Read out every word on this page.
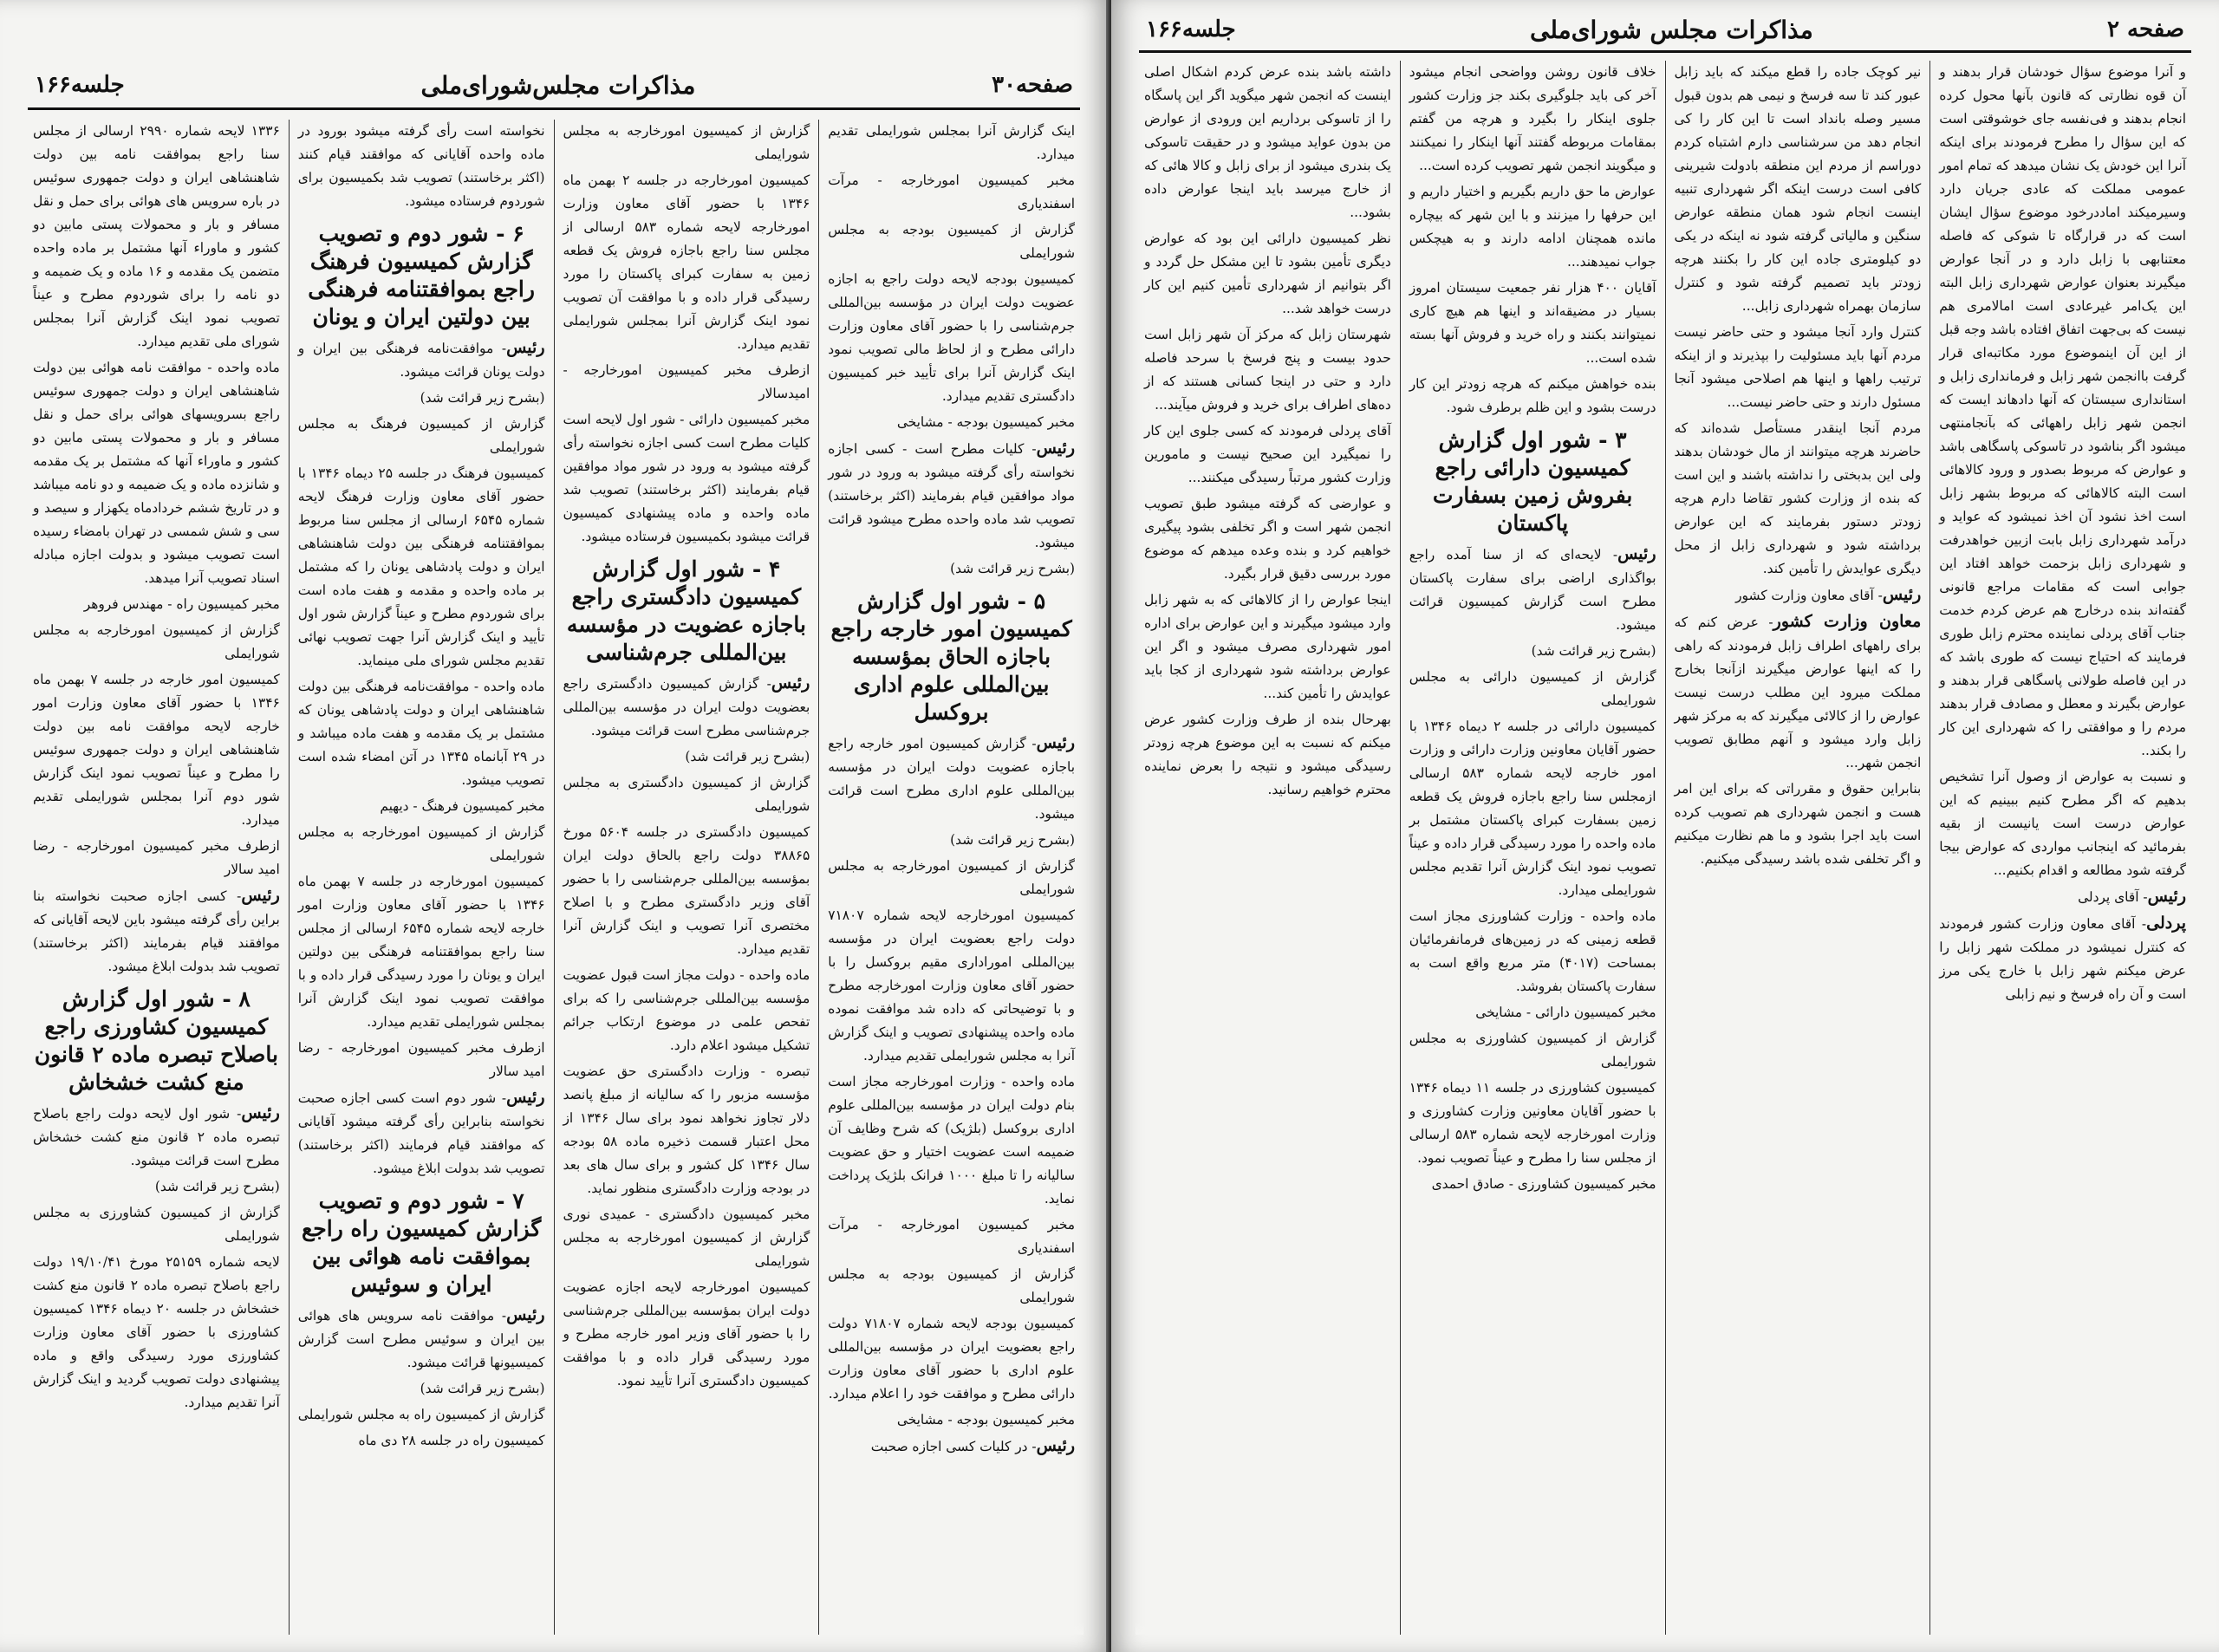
صفحه۳۰
مذاکرات مجلس‌شورای‌ملی
جلسه۱۶۶

اینک گزارش آنرا بمجلس شورایملی تقدیم میدارد.

مخبر کمیسیون امورخارجه - مرآت اسفندیاری

گزارش از کمیسیون بودجه به مجلس شورایملی

کمیسیون بودجه لایحه دولت راجع به اجازه عضویت دولت ایران در مؤسسه بین‌المللی جرم‌شناسی را با حضور آقای معاون وزارت دارائی مطرح و از لحاظ مالی تصویب نمود اینک گزارش آنرا برای تأیید خبر کمیسیون دادگستری تقدیم میدارد.

مخبر کمیسیون بودجه - مشایخی

رئیس- کلیات مطرح است - کسی اجازه نخواسته رأی گرفته میشود به ورود در شور مواد موافقین قیام بفرمایند (اکثر برخاستند) تصویب شد ماده واحده مطرح میشود قرائت میشود.

(بشرح زیر قرائت شد)

۵ - شور اول گزارش کمیسیون امور خارجه راجع باجازه الحاق بمؤسسه بین‌المللی علوم اداری بروکسل

رئیس- گزارش کمیسیون امور خارجه راجع باجازه عضویت دولت ایران در مؤسسه بین‌المللی علوم اداری مطرح است قرائت میشود.

(بشرح زیر قرائت شد)

گزارش از کمیسیون امورخارجه به مجلس شورایملی

کمیسیون امورخارجه لایحه شماره ۷۱۸۰۷ دولت راجع بعضویت ایران در مؤسسه بین‌المللی اموراداری مقیم بروکسل را با حضور آقای معاون وزارت امورخارجه مطرح و با توضیحاتی که داده شد موافقت نموده ماده واحده پیشنهادی تصویب و اینک گزارش آنرا به مجلس شورایملی تقدیم میدارد.

ماده واحده - وزارت امورخارجه مجاز است بنام دولت ایران در مؤسسه بین‌المللی علوم اداری بروکسل (بلژیک) که شرح وظایف آن ضمیمه است عضویت اختیار و حق عضویت سالیانه را تا مبلغ ۱۰۰۰ فرانک بلژیک پرداخت نماید.

مخبر کمیسیون امورخارجه - مرآت اسفندیاری

گزارش از کمیسیون بودجه به مجلس شورایملی

کمیسیون بودجه لایحه شماره ۷۱۸۰۷ دولت راجع بعضویت ایران در مؤسسه بین‌المللی علوم اداری با حضور آقای معاون وزارت دارائی مطرح و موافقت خود را اعلام میدارد.

مخبر کمیسیون بودجه - مشایخی

رئیس- در کلیات کسی اجازه صحبت

گزارش از کمیسیون امورخارجه به مجلس شورایملی

کمیسیون امورخارجه در جلسه ۲ بهمن ماه ۱۳۴۶ با حضور آقای معاون وزارت امورخارجه لایحه شماره ۵۸۳ ارسالی از مجلس سنا راجع باجازه فروش یک قطعه زمین به سفارت کبرای پاکستان را مورد رسیدگی قرار داده و با موافقت آن تصویب نمود اینک گزارش آنرا بمجلس شورایملی تقدیم میدارد.

ازطرف مخبر کمیسیون امورخارجه - امیدسالار

مخبر کمیسیون دارائی - شور اول لایحه است کلیات مطرح است کسی اجازه نخواسته رأی گرفته میشود به ورود در شور مواد موافقین قیام بفرمایند (اکثر برخاستند) تصویب شد ماده واحده و ماده پیشنهادی کمیسیون قرائت میشود بکمیسیون فرستاده میشود.

۴ - شور اول گزارش کمیسیون دادگستری راجع باجازه عضویت در مؤسسه بین‌المللی جرم‌شناسی

رئیس- گزارش کمیسیون دادگستری راجع بعضویت دولت ایران در مؤسسه بین‌المللی جرم‌شناسی مطرح است قرائت میشود.

(بشرح زیر قرائت شد)

گزارش از کمیسیون دادگستری به مجلس شورایملی

کمیسیون دادگستری در جلسه ۵۶۰۴ مورخ ۳۸۸۶۵ دولت راجع بالحاق دولت ایران بمؤسسه بین‌المللی جرم‌شناسی را با حضور آقای وزیر دادگستری مطرح و با اصلاح مختصری آنرا تصویب و اینک گزارش آنرا تقدیم میدارد.

ماده واحده - دولت مجاز است قبول عضویت مؤسسه بین‌المللی جرم‌شناسی را که برای تفحص علمی در موضوع ارتکاب جرائم تشکیل میشود اعلام دارد.

تبصره - وزارت دادگستری حق عضویت مؤسسه مزبور را که سالیانه از مبلغ پانصد دلار تجاوز نخواهد نمود برای سال ۱۳۴۶ از محل اعتبار قسمت ذخیره ماده ۵۸ بودجه سال ۱۳۴۶ کل کشور و برای سال های بعد در بودجه وزارت دادگستری منظور نماید.

مخبر کمیسیون دادگستری - عمیدی نوری گزارش از کمیسیون امورخارجه به مجلس شورایملی

کمیسیون امورخارجه لایحه اجازه عضویت دولت ایران بمؤسسه بین‌المللی جرم‌شناسی را با حضور آقای وزیر امور خارجه مطرح و مورد رسیدگی قرار داده و با موافقت کمیسیون دادگستری آنرا تأیید نمود.

نخواسته است رأی گرفته میشود بورود در ماده واحده آقایانی که موافقند قیام کنند (اکثر برخاستند) تصویب شد بکمیسیون برای شوردوم فرستاده میشود.

۶ - شور دوم و تصویب گزارش کمیسیون فرهنگ راجع بموافقتنامه فرهنگی بین دولتین ایران و یونان

رئیس- موافقت‌نامه فرهنگی بین ایران و دولت یونان قرائت میشود.

(بشرح زیر قرائت شد)

گزارش از کمیسیون فرهنگ به مجلس شورایملی

کمیسیون فرهنگ در جلسه ۲۵ دیماه ۱۳۴۶ با حضور آقای معاون وزارت فرهنگ لایحه شماره ۶۵۴۵ ارسالی از مجلس سنا مربوط بموافقتنامه فرهنگی بین دولت شاهنشاهی ایران و دولت پادشاهی یونان را که مشتمل بر ماده واحده و مقدمه و هفت ماده است برای شوردوم مطرح و عیناً گزارش شور اول تأیید و اینک گزارش آنرا جهت تصویب نهائی تقدیم مجلس شورای ملی مینماید.

ماده واحده - موافقت‌نامه فرهنگی بین دولت شاهنشاهی ایران و دولت پادشاهی یونان که مشتمل بر یک مقدمه و هفت ماده میباشد و در ۲۹ آبانماه ۱۳۴۵ در آتن امضاء شده است تصویب میشود.

مخبر کمیسیون فرهنگ - دیهیم

گزارش از کمیسیون امورخارجه به مجلس شورایملی

کمیسیون امورخارجه در جلسه ۷ بهمن ماه ۱۳۴۶ با حضور آقای معاون وزارت امور خارجه لایحه شماره ۶۵۴۵ ارسالی از مجلس سنا راجع بموافقتنامه فرهنگی بین دولتین ایران و یونان را مورد رسیدگی قرار داده و با موافقت تصویب نمود اینک گزارش آنرا بمجلس شورایملی تقدیم میدارد.

ازطرف مخبر کمیسیون امورخارجه - رضا امید سالار

رئیس- شور دوم است کسی اجازه صحبت نخواسته بنابراین رأی گرفته میشود آقایانی که موافقند قیام فرمایند (اکثر برخاستند) تصویب شد بدولت ابلاغ میشود.

۷ - شور دوم و تصویب گزارش کمیسیون راه راجع بموافقت نامه هوائی بین ایران و سوئیس

رئیس- موافقت نامه سرویس های هوائی بین ایران و سوئیس مطرح است گزارش کمیسیونها قرائت میشود.

(بشرح زیر قرائت شد)

گزارش از کمیسیون راه به مجلس شورایملی

کمیسیون راه در جلسه ۲۸ دی ماه

۱۳۳۶ لایحه شماره ۲۹۹۰ ارسالی از مجلس سنا راجع بموافقت نامه بین دولت شاهنشاهی ایران و دولت جمهوری سوئیس در باره سرویس های هوائی برای حمل و نقل مسافر و بار و محمولات پستی مابین دو کشور و ماوراء آنها مشتمل بر ماده واحده متضمن یک مقدمه و ۱۶ ماده و یک ضمیمه و دو نامه را برای شوردوم مطرح و عیناً تصویب نمود اینک گزارش آنرا بمجلس شورای ملی تقدیم میدارد.

ماده واحده - موافقت نامه هوائی بین دولت شاهنشاهی ایران و دولت جمهوری سوئیس راجع بسرویسهای هوائی برای حمل و نقل مسافر و بار و محمولات پستی مابین دو کشور و ماوراء آنها که مشتمل بر یک مقدمه و شانزده ماده و یک ضمیمه و دو نامه میباشد و در تاریخ ششم خردادماه یکهزار و سیصد و سی و شش شمسی در تهران بامضاء رسیده است تصویب میشود و بدولت اجازه مبادله اسناد تصویب آنرا میدهد.

مخبر کمیسیون راه - مهندس فروهر

گزارش از کمیسیون امورخارجه به مجلس شورایملی

کمیسیون امور خارجه در جلسه ۷ بهمن ماه ۱۳۴۶ با حضور آقای معاون وزارت امور خارجه لایحه موافقت نامه بین دولت شاهنشاهی ایران و دولت جمهوری سوئیس را مطرح و عیناً تصویب نمود اینک گزارش شور دوم آنرا بمجلس شورایملی تقدیم میدارد.

ازطرف مخبر کمیسیون امورخارجه - رضا امید سالار

رئیس- کسی اجازه صحبت نخواسته بنا براین رأی گرفته میشود باین لایحه آقایانی که موافقند قیام بفرمایند (اکثر برخاستند) تصویب شد بدولت ابلاغ میشود.

۸ - شور اول گزارش کمیسیون کشاورزی راجع باصلاح تبصره ماده ۲ قانون منع کشت خشخاش

رئیس- شور اول لایحه دولت راجع باصلاح تبصره ماده ۲ قانون منع کشت خشخاش مطرح است قرائت میشود.

(بشرح زیر قرائت شد)

گزارش از کمیسیون کشاورزی به مجلس شورایملی

لایحه شماره ۲۵۱۵۹ مورخ ۱۹/۱۰/۴۱ دولت راجع باصلاح تبصره ماده ۲ قانون منع کشت خشخاش در جلسه ۲۰ دیماه ۱۳۴۶ کمیسیون کشاورزی با حضور آقای معاون وزارت کشاورزی مورد رسیدگی واقع و ماده پیشنهادی دولت تصویب گردید و اینک گزارش آنرا تقدیم میدارد.

صفحه ۲
مذاکرات مجلس شورای‌ملی
جلسه۱۶۶

و آنرا موضوع سؤال خودشان قرار بدهند و آن قوه نظارتی که قانون بآنها محول کرده انجام بدهند و فی‌نفسه جای خوشوقتی است که این سؤال را مطرح فرمودند برای اینکه آنرا این خودش یک نشان میدهد که تمام امور عمومی مملکت که عادی جریان دارد وسیرمیکند اماددرخود موضوع سؤال ایشان است که در قرارگاه تا شوکی که فاصله معتنابهی با زابل دارد و در آنجا عوارض میگیرند بعنوان عوارض شهرداری زابل البته این یک‌امر غیرعادی است امالامری هم نیست که بی‌جهت اتفاق افتاده باشد وجه قبل از این آن اینموضوع مورد مکاتبه‌ای قرار گرفت باانجمن شهر زابل و فرمانداری زابل و استانداری سیستان که آنها دادهاند ایست که انجمن شهر زابل راههائی که بآنجامنتهی میشود اگر بناشود در تاسوکی پاسگاهی باشد و عوارض که مربوط بصدور و ورود کالاهائی است البته کالاهائی که مربوط بشهر زابل است اخذ نشود آن اخذ نمیشود که عواید و درآمد شهرداری زابل بابت ازبین خواهدرفت و شهرداری زابل بزحمت خواهد افتاد این جوابی است که مقامات مراجع قانونی گفته‌اند بنده درخارج هم عرض کردم خدمت جناب آقای پردلی نماینده محترم زابل طوری فرمایند که احتیاج نیست که طوری باشد که در این فاصله طولانی پاسگاهی قرار بدهند و عوارض بگیرند و معطل و مصادف قرار بدهند مردم را و موافقتی را که شهرداری این کار را بکند..

و نسبت به عوارض از وصول آنرا تشخیص بدهیم که اگر مطرح کنیم ببینیم که این عوارض درست است یانیست از بقیه بفرمائید که اینجانب مواردی که عوارض بیجا گرفته شود مطالعه و اقدام بکنیم...

رئیس- آقای پردلی

پردلی- آقای معاون وزارت کشور فرمودند که کنترل نمیشود در مملکت شهر زابل را عرض میکنم شهر زابل با خارج یکی مرز است و آن راه فرسخ و نیم زابلی

نیر کوچک جاده را قطع میکند که باید زابل عبور کند تا سه فرسخ و نیمی هم بدون قبول مسیر وصله بانداد است تا این کار را کی انجام دهد من سرشناسی دارم اشتباه کردم دوراسم از مردم این منطقه بادولت شیرینی کافی است درست اینکه اگر شهرداری تنبیه اینست انجام شود همان منطقه عوارض سنگین و مالیاتی گرفته شود نه اینکه در یکی دو کیلومتری جاده این کار را بکنند هرچه زودتر باید تصمیم گرفته شود و کنترل سازمان بهمراه شهرداری زابل...

کنترل وارد آنجا میشود و حتی حاضر نیست مردم آنها باید مسئولیت را بپذیرند و از اینکه ترتیب راهها و اینها هم اصلاحی میشود آنجا مسئول دارند و حتی حاضر نیست...

مردم آنجا اینقدر مستأصل شده‌اند که حاضرند هرچه میتوانند از مال خودشان بدهند ولی این بدبختی را نداشته باشند و این است که بنده از وزارت کشور تقاضا دارم هرچه زودتر دستور بفرمایند که این عوارض برداشته شود و شهرداری زابل از محل دیگری عوایدش را تأمین کند.

رئیس- آقای معاون وزارت کشور

معاون وزارت کشور- عرض کنم که برای راههای اطراف زابل فرمودند که راهی را که اینها عوارض میگیرند ازآنجا بخارج مملکت میرود این مطلب درست نیست عوارض را از کالائی میگیرند که به مرکز شهر زابل وارد میشود و آنهم مطابق تصویب انجمن شهر...

بنابراین حقوق و مقرراتی که برای این امر هست و انجمن شهرداری هم تصویب کرده است باید اجرا بشود و ما هم نظارت میکنیم و اگر تخلفی شده باشد رسیدگی میکنیم.

خلاف قانون روشن وواضحی انجام میشود آخر کی باید جلوگیری بکند جز وزارت کشور جلوی اینکار را بگیرد و هرچه من گفتم بمقامات مربوطه گفتند آنها اینکار را نمیکنند و میگویند انجمن شهر تصویب کرده است...

عوارض ما حق داریم بگیریم و اختیار داریم و این حرفها را میزنند و با این شهر که بیچاره مانده همچنان ادامه دارند و به هیچکس جواب نمیدهند...

آقایان ۴۰۰ هزار نفر جمعیت سیستان امروز بسیار در مضیقه‌اند و اینها هم هیچ کاری نمیتوانند بکنند و راه خرید و فروش آنها بسته شده است...

بنده خواهش میکنم که هرچه زودتر این کار درست بشود و این ظلم برطرف شود.

۳ - شور اول گزارش کمیسیون دارائی راجع بفروش زمین بسفارت پاکستان

رئیس- لایحه‌ای که از سنا آمده راجع بواگذاری اراضی برای سفارت پاکستان مطرح است گزارش کمیسیون قرائت میشود.

(بشرح زیر قرائت شد)

گزارش از کمیسیون دارائی به مجلس شورایملی

کمیسیون دارائی در جلسه ۲ دیماه ۱۳۴۶ با حضور آقایان معاونین وزارت دارائی و وزارت امور خارجه لایحه شماره ۵۸۳ ارسالی ازمجلس سنا راجع باجازه فروش یک قطعه زمین بسفارت کبرای پاکستان مشتمل بر ماده واحده را مورد رسیدگی قرار داده و عیناً تصویب نمود اینک گزارش آنرا تقدیم مجلس شورایملی میدارد.

ماده واحده - وزارت کشاورزی مجاز است قطعه زمینی که در زمین‌های فرمانفرمائیان بمساحت (۴۰۱۷) متر مربع واقع است به سفارت پاکستان بفروشد.

مخبر کمیسیون دارائی - مشایخی

گزارش از کمیسیون کشاورزی به مجلس شورایملی

کمیسیون کشاورزی در جلسه ۱۱ دیماه ۱۳۴۶ با حضور آقایان معاونین وزارت کشاورزی و وزارت امورخارجه لایحه شماره ۵۸۳ ارسالی از مجلس سنا را مطرح و عیناً تصویب نمود.

مخبر کمیسیون کشاورزی - صادق احمدی

داشته باشد بنده عرض کردم اشکال اصلی اینست که انجمن شهر میگوید اگر این پاسگاه را از تاسوکی برداریم این ورودی از عوارض من بدون عواید میشود و در حقیقت تاسوکی یک بندری میشود از برای زابل و کالا هائی که از خارج میرسد باید اینجا عوارض داده بشود...

نظر کمیسیون دارائی این بود که عوارض دیگری تأمین بشود تا این مشکل حل گردد و اگر بتوانیم از شهرداری تأمین کنیم این کار درست خواهد شد...

شهرستان زابل که مرکز آن شهر زابل است حدود بیست و پنج فرسخ با سرحد فاصله دارد و حتی در اینجا کسانی هستند که از ده‌های اطراف برای خرید و فروش میآیند...

آقای پردلی فرمودند که کسی جلوی این کار را نمیگیرد این صحیح نیست و مامورین وزارت کشور مرتباً رسیدگی میکنند...

و عوارضی که گرفته میشود طبق تصویب انجمن شهر است و اگر تخلفی بشود پیگیری خواهیم کرد و بنده وعده میدهم که موضوع مورد بررسی دقیق قرار بگیرد.

اینجا عوارض را از کالاهائی که به شهر زابل وارد میشود میگیرند و این عوارض برای اداره امور شهرداری مصرف میشود و اگر این عوارض برداشته شود شهرداری از کجا باید عوایدش را تأمین کند...

بهرحال بنده از طرف وزارت کشور عرض میکنم که نسبت به این موضوع هرچه زودتر رسیدگی میشود و نتیجه را بعرض نماینده محترم خواهیم رسانید.
